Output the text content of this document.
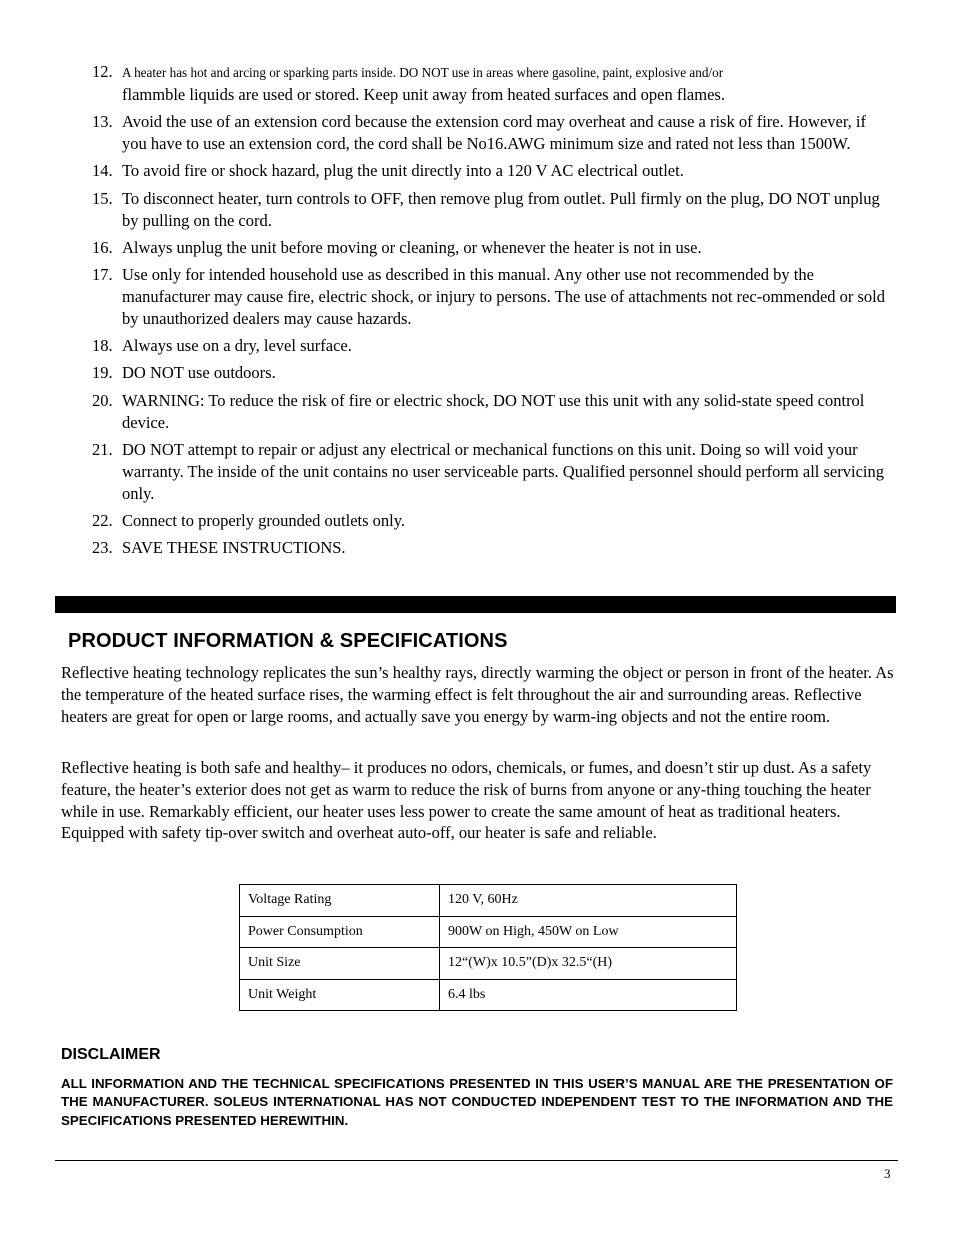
12. A heater has hot and arcing or sparking parts inside. DO NOT use in areas where gasoline, paint, explosive and/or
flammble liquids are used or stored. Keep unit away from heated surfaces and open flames.
13. Avoid the use of an extension cord because the extension cord may overheat and cause a risk of fire. However, if you have to use an extension cord, the cord shall be No16.AWG minimum size and rated not less than 1500W.
14. To avoid fire or shock hazard, plug the unit directly into a 120 V AC electrical outlet.
15. To disconnect heater, turn controls to OFF, then remove plug from outlet. Pull firmly on the plug, DO NOT unplug by pulling on the cord.
16. Always unplug the unit before moving or cleaning, or whenever the heater is not in use.
17. Use only for intended household use as described in this manual. Any other use not recommended by the manufacturer may cause fire, electric shock, or injury to persons. The use of attachments not rec-ommended or sold by unauthorized dealers may cause hazards.
18. Always use on a dry, level surface.
19. DO NOT use outdoors.
20. WARNING: To reduce the risk of fire or electric shock, DO NOT use this unit with any solid-state speed control device.
21. DO NOT attempt to repair or adjust any electrical or mechanical functions on this unit. Doing so will void your warranty. The inside of the unit contains no user serviceable parts. Qualified personnel should perform all servicing only.
22. Connect to properly grounded outlets only.
23. SAVE THESE INSTRUCTIONS.
PRODUCT INFORMATION & SPECIFICATIONS

Reflective heating technology replicates the sun’s healthy rays, directly warming the object or person in front of the heater. As the temperature of the heated surface rises, the warming effect is felt throughout the air and surrounding areas. Reflective heaters are great for open or large rooms, and actually save you energy by warm-ing objects and not the entire room.

Reflective heating is both safe and healthy– it produces no odors, chemicals, or fumes, and doesn’t stir up dust. As a safety feature, the heater’s exterior does not get as warm to reduce the risk of burns from anyone or any-thing touching the heater while in use. Remarkably efficient, our heater uses less power to create the same amount of heat as traditional heaters. Equipped with safety tip-over switch and overheat auto-off, our heater is safe and reliable.

Voltage Rating	120 V, 60Hz
Power Consumption	900W on High, 450W on Low
Unit Size	12“(W)x 10.5”(D)x 32.5“(H)
Unit Weight	6.4 lbs
DISCLAIMER

ALL INFORMATION AND THE TECHNICAL SPECIFICATIONS PRESENTED IN THIS USER’S MANUAL ARE THE PRESENTATION OF THE MANUFACTURER. SOLEUS INTERNATIONAL HAS NOT CONDUCTED INDEPENDENT TEST TO THE INFORMATION AND THE SPECIFICATIONS PRESENTED HEREWITHIN.

3
